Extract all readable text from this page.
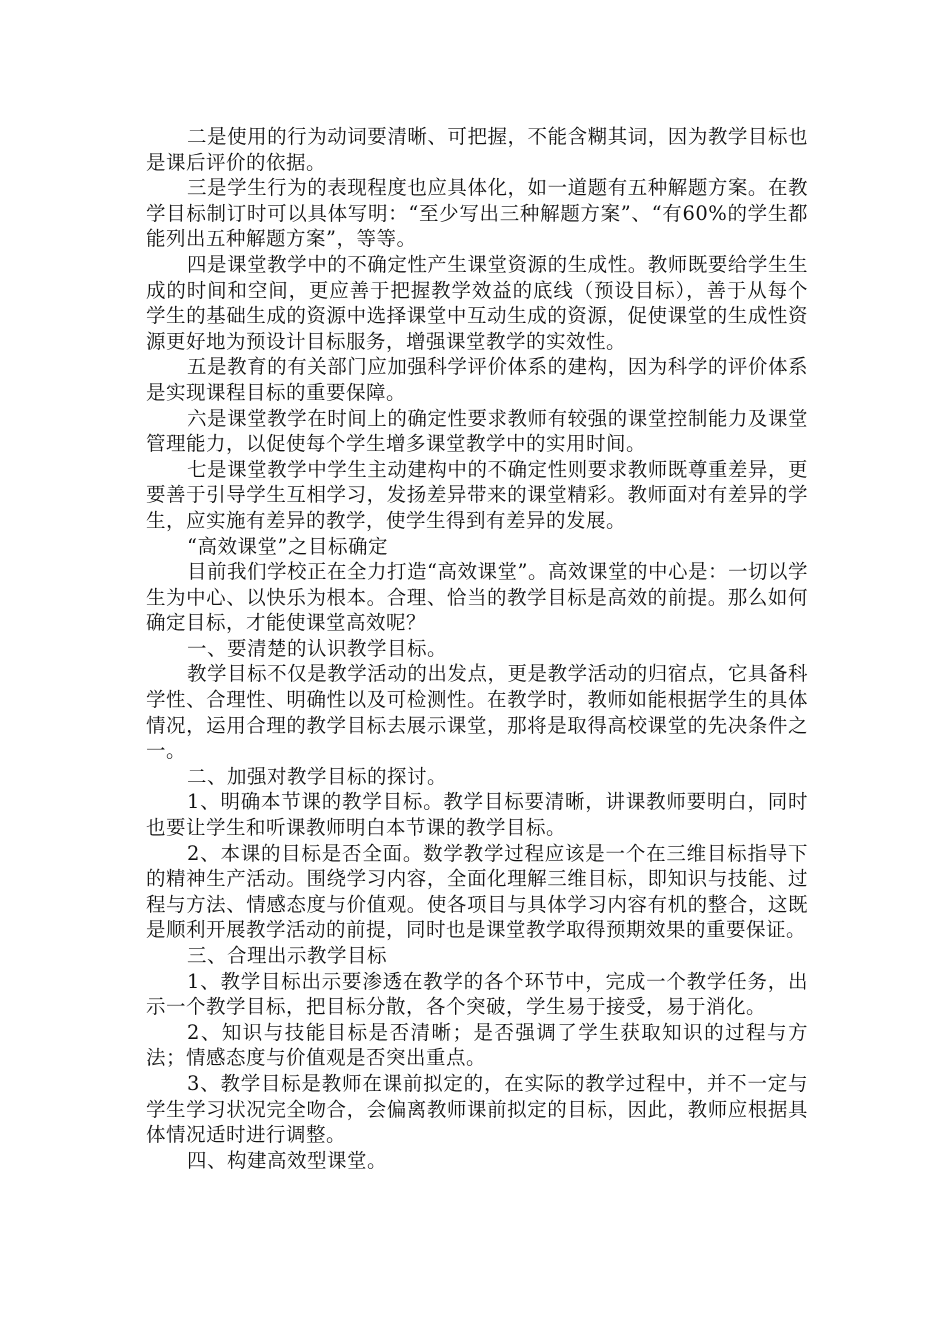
二是使用的行为动词要清晰、可把握，不能含糊其词，因为教学目标也是课后评价的依据。

三是学生行为的表现程度也应具体化，如一道题有五种解题方案。在教学目标制订时可以具体写明：“至少写出三种解题方案”、“有60%的学生都能列出五种解题方案”，等等。

四是课堂教学中的不确定性产生课堂资源的生成性。教师既要给学生生成的时间和空间，更应善于把握教学效益的底线（预设目标），善于从每个学生的基础生成的资源中选择课堂中互动生成的资源，促使课堂的生成性资源更好地为预设计目标服务，增强课堂教学的实效性。

五是教育的有关部门应加强科学评价体系的建构，因为科学的评价体系是实现课程目标的重要保障。

六是课堂教学在时间上的确定性要求教师有较强的课堂控制能力及课堂管理能力，以促使每个学生增多课堂教学中的实用时间。

七是课堂教学中学生主动建构中的不确定性则要求教师既尊重差异，更要善于引导学生互相学习，发扬差异带来的课堂精彩。教师面对有差异的学生，应实施有差异的教学，使学生得到有差异的发展。

“高效课堂”之目标确定

目前我们学校正在全力打造“高效课堂”。高效课堂的中心是：一切以学生为中心、以快乐为根本。合理、恰当的教学目标是高效的前提。那么如何确定目标，才能使课堂高效呢？

一、要清楚的认识教学目标。

教学目标不仅是教学活动的出发点，更是教学活动的归宿点，它具备科学性、合理性、明确性以及可检测性。在教学时，教师如能根据学生的具体情况，运用合理的教学目标去展示课堂，那将是取得高校课堂的先决条件之一。

二、加强对教学目标的探讨。

1、明确本节课的教学目标。教学目标要清晰，讲课教师要明白，同时也要让学生和听课教师明白本节课的教学目标。

2、本课的目标是否全面。数学教学过程应该是一个在三维目标指导下的精神生产活动。围绕学习内容，全面化理解三维目标，即知识与技能、过程与方法、情感态度与价值观。使各项目与具体学习内容有机的整合，这既是顺利开展教学活动的前提，同时也是课堂教学取得预期效果的重要保证。

三、合理出示教学目标

1、教学目标出示要渗透在教学的各个环节中，完成一个教学任务，出示一个教学目标，把目标分散，各个突破，学生易于接受，易于消化。

2、知识与技能目标是否清晰；是否强调了学生获取知识的过程与方法；情感态度与价值观是否突出重点。

3、教学目标是教师在课前拟定的，在实际的教学过程中，并不一定与学生学习状况完全吻合，会偏离教师课前拟定的目标，因此，教师应根据具体情况适时进行调整。

四、构建高效型课堂。
